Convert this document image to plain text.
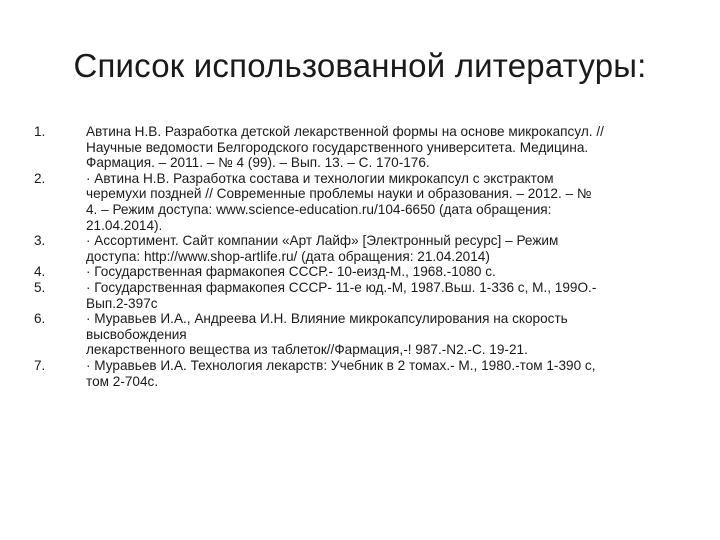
Список использованной литературы:
1.	Автина Н.В. Разработка детской лекарственной формы на основе микрокапсул. //
Научные ведомости Белгородского государственного университета. Медицина.
Фармация. – 2011. – № 4 (99). – Вып. 13. – С. 170-176.
2.	· Автина Н.В. Разработка состава и технологии микрокапсул с экстрактом
черемухи поздней // Современные проблемы науки и образования. – 2012. – №
4. – Режим доступа: www.science-education.ru/104-6650 (дата обращения:
21.04.2014).
3.	· Ассортимент. Сайт компании «Арт Лайф» [Электронный ресурс] – Режим
доступа: http://www.shop-artlife.ru/ (дата обращения: 21.04.2014)
4.	· Государственная фармакопея СССР.- 10-еизд-М., 1968.-1080 с.
5.	· Государственная фармакопея СССР- 11-е юд.-М, 1987.Вьш. 1-336 с, М., 199О.-
Вып.2-397с
6.	· Муравьев И.А., Андреева И.Н. Влияние микрокапсулирования на скорость
высвобождения
лекарственного вещества из таблеток//Фармация,-! 987.-N2.-С. 19-21.
7.	· Муравьев И.А. Технология лекарств: Учебник в 2 томах.- М., 1980.-том 1-390 с,
том 2-704с.
